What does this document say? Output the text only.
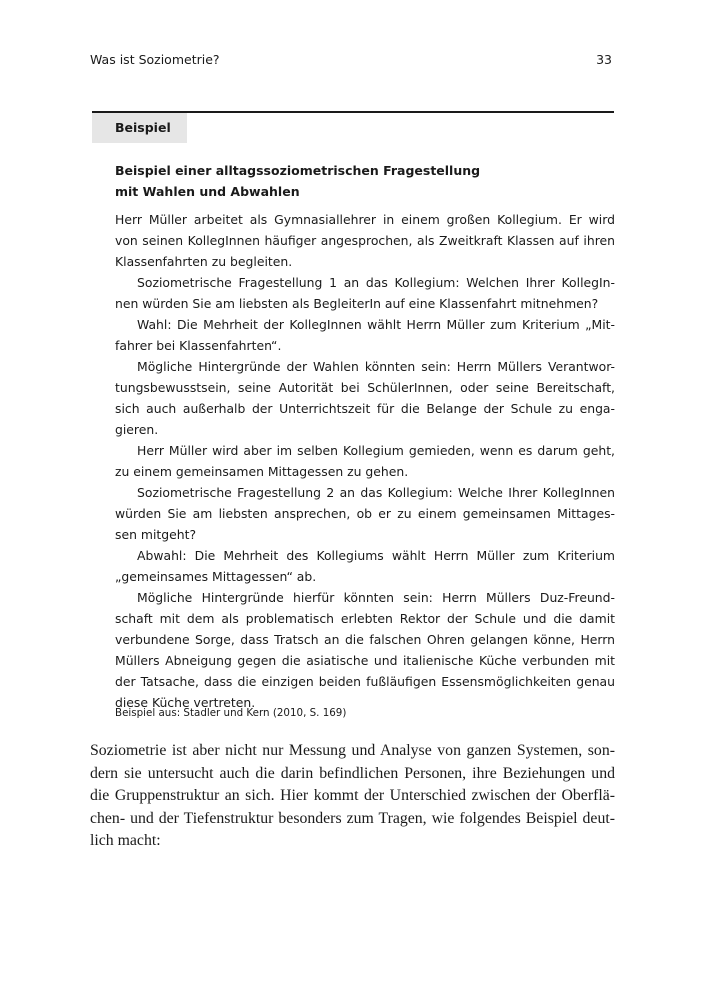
Was ist Soziometrie?	33
Beispiel
Beispiel einer alltagssoziometrischen Fragestellung
mit Wahlen und Abwahlen
Herr Müller arbeitet als Gymnasiallehrer in einem großen Kollegium. Er wird
von seinen KollegInnen häufiger angesprochen, als Zweitkraft Klassen auf ihren
Klassenfahrten zu begleiten.
Soziometrische Fragestellung 1 an das Kollegium: Welchen Ihrer KollegIn-
nen würden Sie am liebsten als BegleiterIn auf eine Klassenfahrt mitnehmen?
Wahl: Die Mehrheit der KollegInnen wählt Herrn Müller zum Kriterium „Mit-
fahrer bei Klassenfahrten“.
Mögliche Hintergründe der Wahlen könnten sein: Herrn Müllers Verantwor-
tungsbewusstsein, seine Autorität bei SchülerInnen, oder seine Bereitschaft,
sich auch außerhalb der Unterrichtszeit für die Belange der Schule zu enga-
gieren.
Herr Müller wird aber im selben Kollegium gemieden, wenn es darum geht,
zu einem gemeinsamen Mittagessen zu gehen.
Soziometrische Fragestellung 2 an das Kollegium: Welche Ihrer KollegInnen
würden Sie am liebsten ansprechen, ob er zu einem gemeinsamen Mittages-
sen mitgeht?
Abwahl: Die Mehrheit des Kollegiums wählt Herrn Müller zum Kriterium
„gemeinsames Mittagessen“ ab.
Mögliche Hintergründe hierfür könnten sein: Herrn Müllers Duz-Freund-
schaft mit dem als problematisch erlebten Rektor der Schule und die damit
verbundene Sorge, dass Tratsch an die falschen Ohren gelangen könne, Herrn
Müllers Abneigung gegen die asiatische und italienische Küche verbunden mit
der Tatsache, dass die einzigen beiden fußläufigen Essensmöglichkeiten genau
diese Küche vertreten.
Beispiel aus: Stadler und Kern (2010, S. 169)
Soziometrie ist aber nicht nur Messung und Analyse von ganzen Systemen, son-
dern sie untersucht auch die darin befindlichen Personen, ihre Beziehungen und
die Gruppenstruktur an sich. Hier kommt der Unterschied zwischen der Oberflä-
chen- und der Tiefenstruktur besonders zum Tragen, wie folgendes Beispiel deut-
lich macht:
